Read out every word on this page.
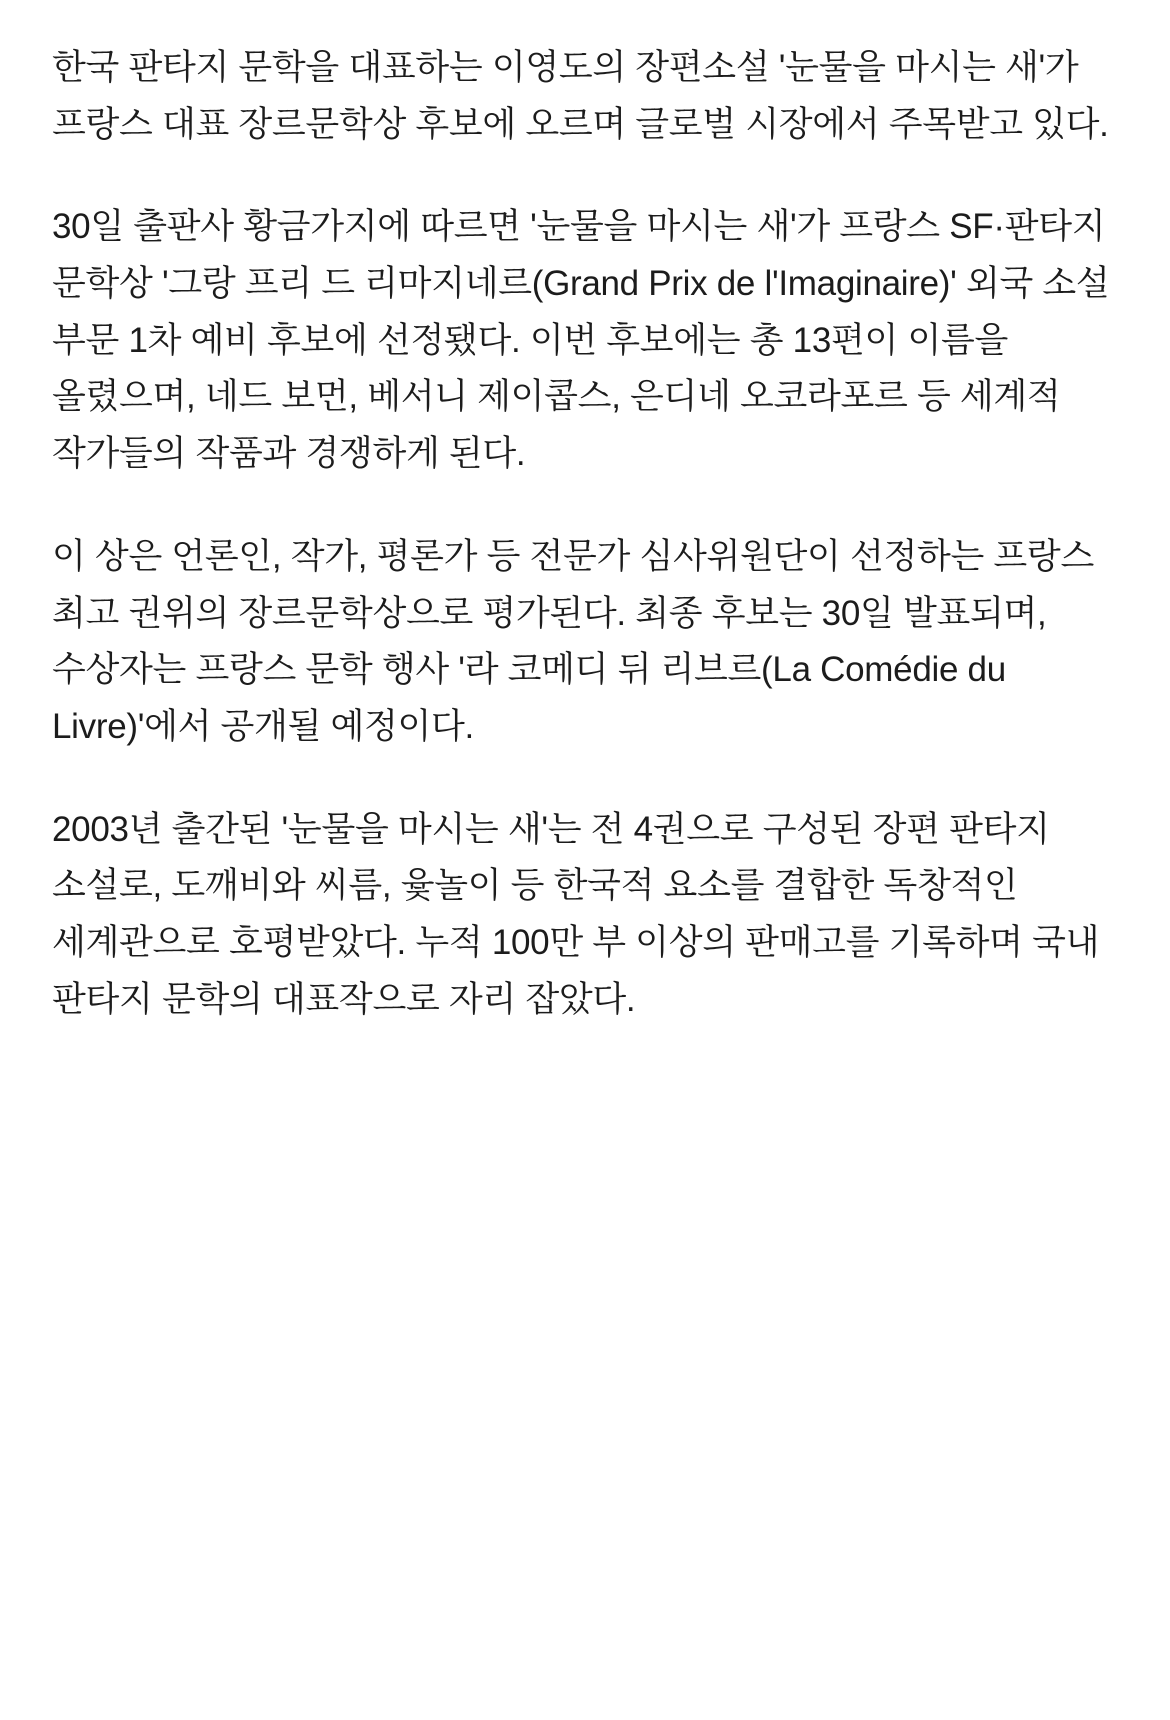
한국 판타지 문학을 대표하는 이영도의 장편소설 '눈물을 마시는 새'가 프랑스 대표 장르문학상 후보에 오르며 글로벌 시장에서 주목받고 있다.

30일 출판사 황금가지에 따르면 '눈물을 마시는 새'가 프랑스 SF·판타지 문학상 '그랑 프리 드 리마지네르(Grand Prix de l'Imaginaire)' 외국 소설 부문 1차 예비 후보에 선정됐다. 이번 후보에는 총 13편이 이름을 올렸으며, 네드 보먼, 베서니 제이콥스, 은디네 오코라포르 등 세계적 작가들의 작품과 경쟁하게 된다.

이 상은 언론인, 작가, 평론가 등 전문가 심사위원단이 선정하는 프랑스 최고 권위의 장르문학상으로 평가된다. 최종 후보는 30일 발표되며, 수상자는 프랑스 문학 행사 '라 코메디 뒤 리브르(La Comédie du Livre)'에서 공개될 예정이다.

2003년 출간된 '눈물을 마시는 새'는 전 4권으로 구성된 장편 판타지 소설로, 도깨비와 씨름, 윷놀이 등 한국적 요소를 결합한 독창적인 세계관으로 호평받았다. 누적 100만 부 이상의 판매고를 기록하며 국내 판타지 문학의 대표작으로 자리 잡았다.
